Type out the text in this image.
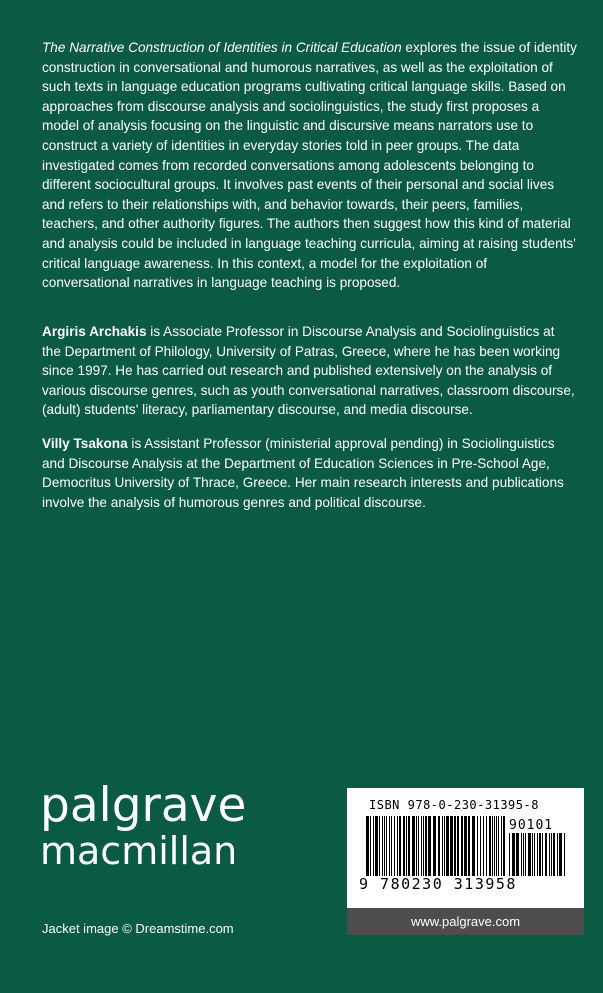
The Narrative Construction of Identities in Critical Education explores the issue of identity construction in conversational and humorous narratives, as well as the exploitation of such texts in language education programs cultivating critical language skills. Based on approaches from discourse analysis and sociolinguistics, the study first proposes a model of analysis focusing on the linguistic and discursive means narrators use to construct a variety of identities in everyday stories told in peer groups. The data investigated comes from recorded conversations among adolescents belonging to different sociocultural groups. It involves past events of their personal and social lives and refers to their relationships with, and behavior towards, their peers, families, teachers, and other authority figures. The authors then suggest how this kind of material and analysis could be included in language teaching curricula, aiming at raising students' critical language awareness. In this context, a model for the exploitation of conversational narratives in language teaching is proposed.

Argiris Archakis is Associate Professor in Discourse Analysis and Sociolinguistics at the Department of Philology, University of Patras, Greece, where he has been working since 1997. He has carried out research and published extensively on the analysis of various discourse genres, such as youth conversational narratives, classroom discourse, (adult) students' literacy, parliamentary discourse, and media discourse.

Villy Tsakona is Assistant Professor (ministerial approval pending) in Sociolinguistics and Discourse Analysis at the Department of Education Sciences in Pre-School Age, Democritus University of Thrace, Greece. Her main research interests and publications involve the analysis of humorous genres and political discourse.

palgrave
macmillan
Jacket image © Dreamstime.com
ISBN 978-0-230-31395-8
90101
9 780230 313958
www.palgrave.com
